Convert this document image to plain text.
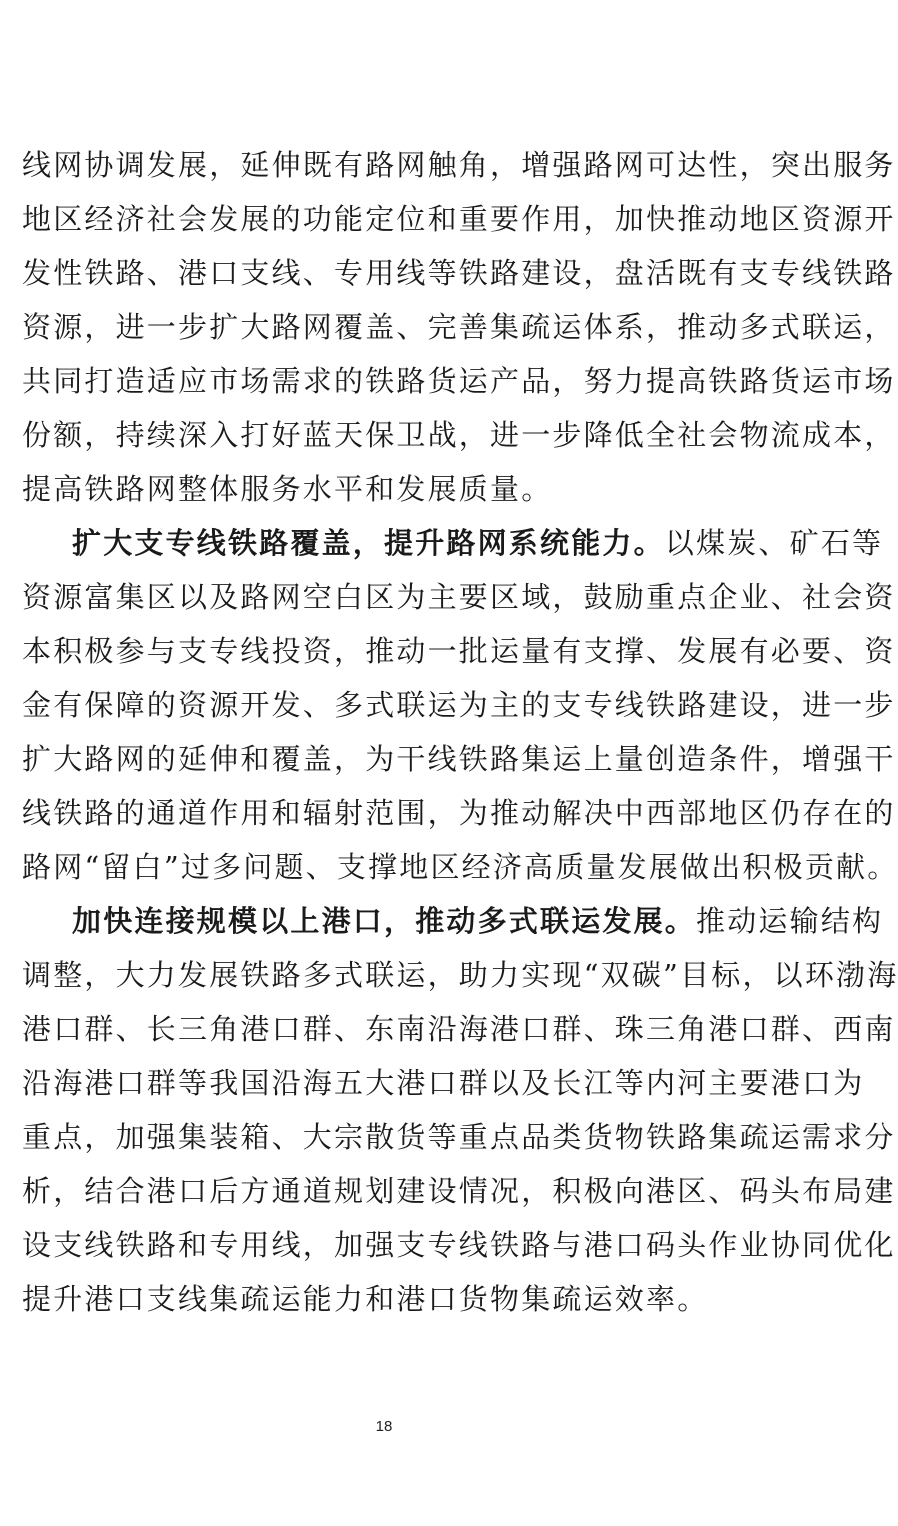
线网协调发展，延伸既有路网触角，增强路网可达性，突出服务
地区经济社会发展的功能定位和重要作用，加快推动地区资源开
发性铁路、港口支线、专用线等铁路建设，盘活既有支专线铁路
资源，进一步扩大路网覆盖、完善集疏运体系，推动多式联运，
共同打造适应市场需求的铁路货运产品，努力提高铁路货运市场
份额，持续深入打好蓝天保卫战，进一步降低全社会物流成本，
提高铁路网整体服务水平和发展质量。
扩大支专线铁路覆盖，提升路网系统能力。以煤炭、矿石等
资源富集区以及路网空白区为主要区域，鼓励重点企业、社会资
本积极参与支专线投资，推动一批运量有支撑、发展有必要、资
金有保障的资源开发、多式联运为主的支专线铁路建设，进一步
扩大路网的延伸和覆盖，为干线铁路集运上量创造条件，增强干
线铁路的通道作用和辐射范围，为推动解决中西部地区仍存在的
路网“留白”过多问题、支撑地区经济高质量发展做出积极贡献。
加快连接规模以上港口，推动多式联运发展。推动运输结构
调整，大力发展铁路多式联运，助力实现“双碳”目标，以环渤海
港口群、长三角港口群、东南沿海港口群、珠三角港口群、西南
沿海港口群等我国沿海五大港口群以及长江等内河主要港口为
重点，加强集装箱、大宗散货等重点品类货物铁路集疏运需求分
析，结合港口后方通道规划建设情况，积极向港区、码头布局建
设支线铁路和专用线，加强支专线铁路与港口码头作业协同优化
提升港口支线集疏运能力和港口货物集疏运效率。
18
